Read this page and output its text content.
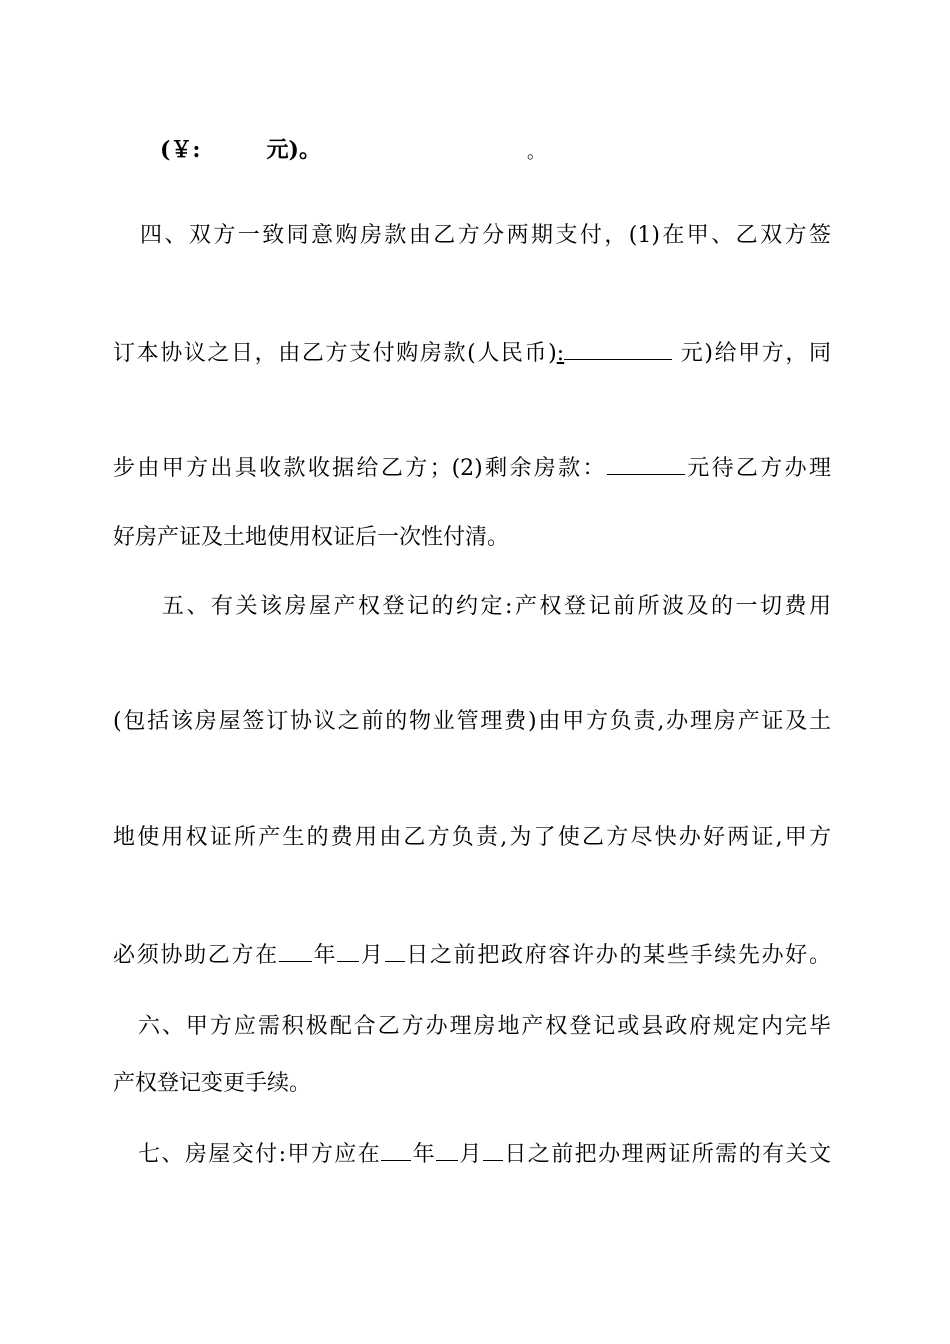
(￥:	元)。	。
四、双方一致同意购房款由乙方分两期支付，(1)在甲、乙双方签
订本协议之日，由乙方支付购房款(人民币):	元)给甲方，同
步由甲方出具收款收据给乙方；(2)剩余房款：	元待乙方办理
好房产证及土地使用权证后一次性付清。
五、有关该房屋产权登记的约定:产权登记前所波及的一切费用
(包括该房屋签订协议之前的物业管理费)由甲方负责,办理房产证及土
地使用权证所产生的费用由乙方负责,为了使乙方尽快办好两证,甲方
必须协助乙方在 年 月 日之前把政府容许办的某些手续先办好。
六、甲方应需积极配合乙方办理房地产权登记或县政府规定内完毕
产权登记变更手续。
七、房屋交付:甲方应在 年 月 日之前把办理两证所需的有关文
